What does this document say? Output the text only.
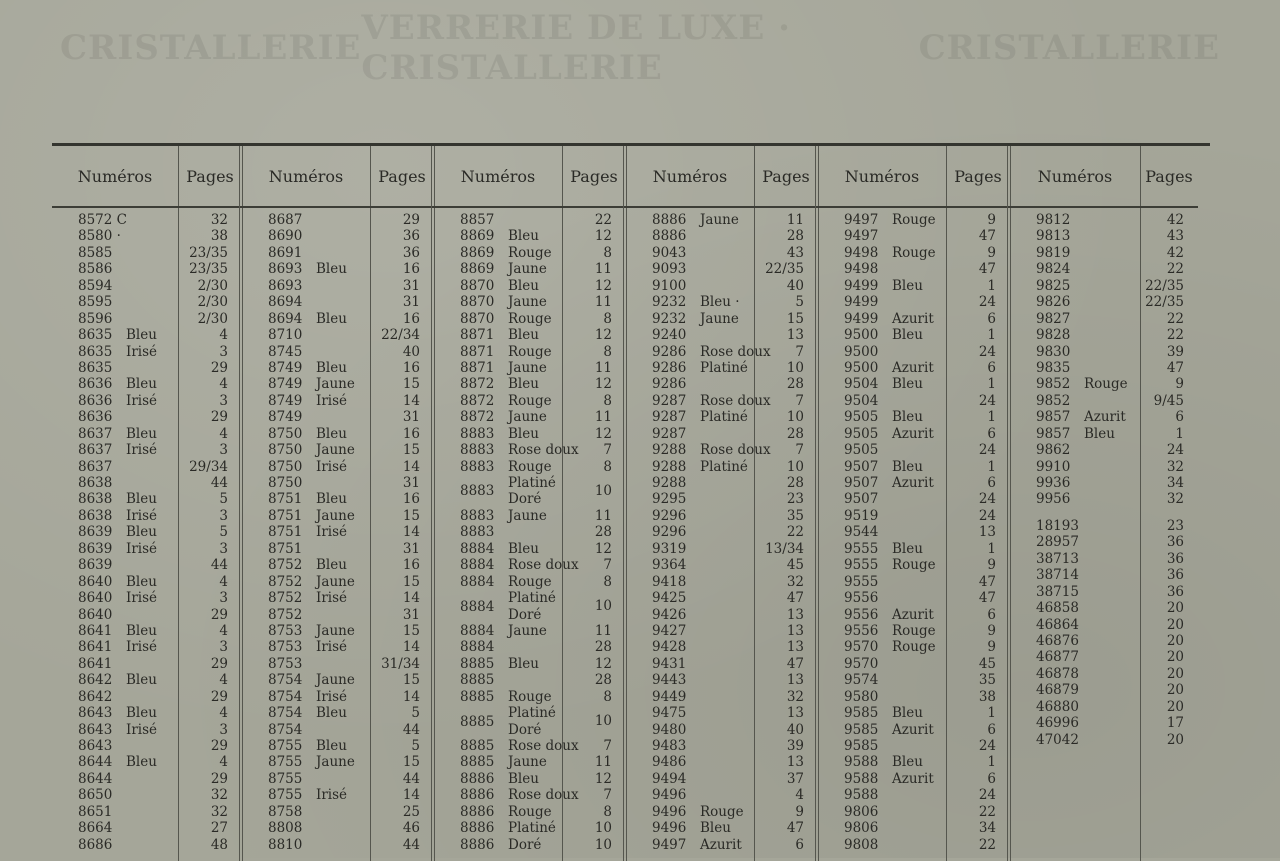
CRISTALLERIE VERRERIE DE LUXE · CRISTALLERIE	CRISTALLERIE
Numéros
8572 C
8580 ·
8585
8586
8594
8595
8596
8635 Bleu
8635 Irisé
8635
8636 Bleu
8636 Irisé
8636
8637 Bleu
8637 Irisé
8637
8638
8638 Bleu
8638 Irisé
8639 Bleu
8639 Irisé
8639
8640 Bleu
8640 Irisé
8640
8641 Bleu
8641 Irisé
8641
8642 Bleu
8642
8643 Bleu
8643 Irisé
8643
8644 Bleu
8644
8650
8651
8664
8686
Pages
32
38
23/35
23/35
2/30
2/30
2/30
4
3
29
4
3
29
4
3
29/34
44
5
3
5
3
44
4
3
29
4
3
29
4
29
4
3
29
4
29
32
32
27
48
Numéros
8687
8690
8691
8693 Bleu
8693
8694
8694 Bleu
8710
8745
8749 Bleu
8749 Jaune
8749 Irisé
8749
8750 Bleu
8750 Jaune
8750 Irisé
8750
8751 Bleu
8751 Jaune
8751 Irisé
8751
8752 Bleu
8752 Jaune
8752 Irisé
8752
8753 Jaune
8753 Irisé
8753
8754 Jaune
8754 Irisé
8754 Bleu
8754
8755 Bleu
8755 Jaune
8755
8755 Irisé
8758
8808
8810
Pages
29
36
36
16
31
31
16
22/34
40
16
15
14
31
16
15
14
31
16
15
14
31
16
15
14
31
15
14
31/34
15
14
5
44
5
15
44
14
25
46
44
Numéros
8857
8869 Bleu
8869 Rouge
8869 Jaune
8870 Bleu
8870 Jaune
8870 Rouge
8871 Bleu
8871 Rouge
8871 Jaune
8872 Bleu
8872 Rouge
8872 Jaune
8883 Bleu
8883 Rose doux
8883 Rouge
8883
Platiné
Doré
8883 Jaune
8883
8884 Bleu
8884 Rose doux
8884 Rouge
8884
Platiné
Doré
8884 Jaune
8884
8885 Bleu
8885
8885 Rouge
8885
Platiné
Doré
8885 Rose doux
8885 Jaune
8886 Bleu
8886 Rose doux
8886 Rouge
8886 Platiné
8886 Doré
Pages
22
12
8
11
12
11
8
12
8
11
12
8
11
12
7
8
10
11
28
12
7
8
10
11
28
12
28
8
10
7
11
12
7
8
10
10
Numéros
8886 Jaune
8886
9043
9093
9100
9232 Bleu ·
9232 Jaune
9240
9286 Rose doux
9286 Platiné
9286
9287 Rose doux
9287 Platiné
9287
9288 Rose doux
9288 Platiné
9288
9295
9296
9296
9319
9364
9418
9425
9426
9427
9428
9431
9443
9449
9475
9480
9483
9486
9494
9496
9496 Rouge
9496 Bleu
9497 Azurit
Pages
11
28
43
22/35
40
5
15
13
7
10
28
7
10
28
7
10
28
23
35
22
13/34
45
32
47
13
13
13
47
13
32
13
40
39
13
37
4
9
47
6
Numéros
9497 Rouge
9497
9498 Rouge
9498
9499 Bleu
9499
9499 Azurit
9500 Bleu
9500
9500 Azurit
9504 Bleu
9504
9505 Bleu
9505 Azurit
9505
9507 Bleu
9507 Azurit
9507
9519
9544
9555 Bleu
9555 Rouge
9555
9556
9556 Azurit
9556 Rouge
9570 Rouge
9570
9574
9580
9585 Bleu
9585 Azurit
9585
9588 Bleu
9588 Azurit
9588
9806
9806
9808
Pages
9
47
9
47
1
24
6
1
24
6
1
24
1
6
24
1
6
24
24
13
1
9
47
47
6
9
9
45
35
38
1
6
24
1
6
24
22
34
22
Numéros
9812
9813
9819
9824
9825
9826
9827
9828
9830
9835
9852 Rouge
9852
9857 Azurit
9857 Bleu
9862
9910
9936
9956
18193
28957
38713
38714
38715
46858
46864
46876
46877
46878
46879
46880
46996
47042
Pages
42
43
42
22
22/35
22/35
22
22
39
47
9
9/45
6
1
24
32
34
32
23
36
36
36
36
20
20
20
20
20
20
20
17
20
